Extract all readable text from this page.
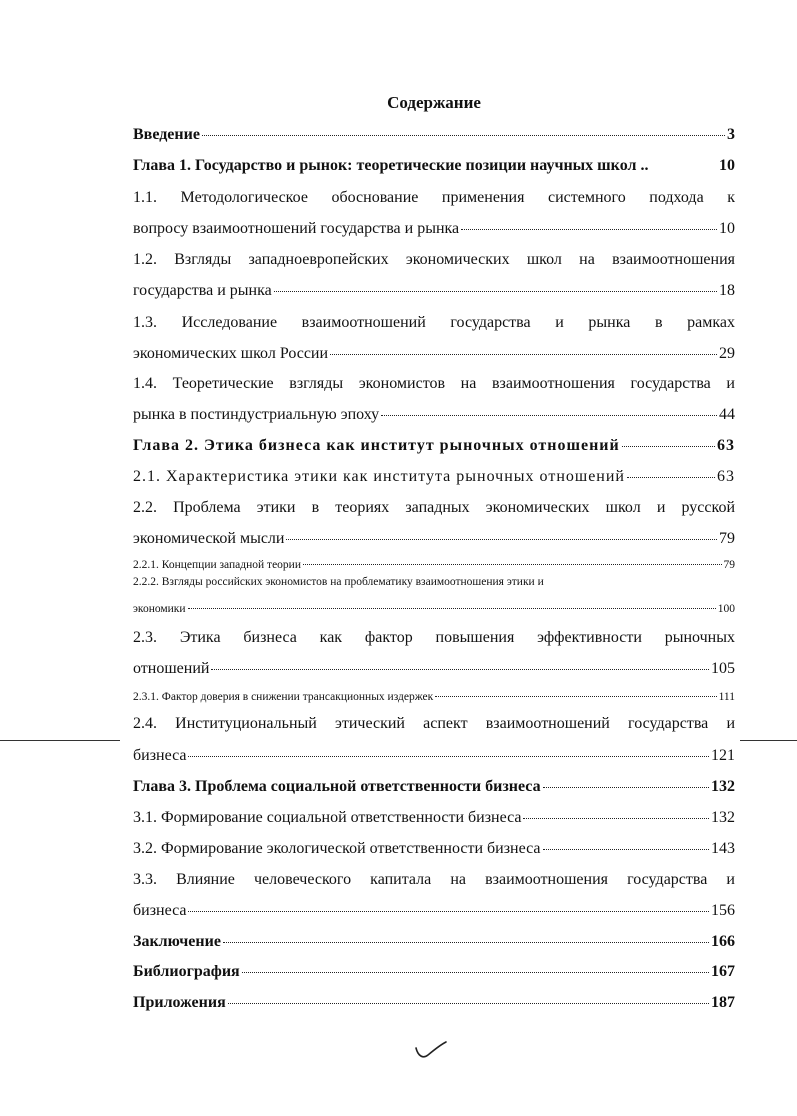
Содержание
Введение	3
Глава 1. Государство и рынок: теоретические позиции научных школ ..	10
1.1. Методологическое обоснование применения системного подхода к
вопросу взаимоотношений государства и рынка	10
1.2. Взгляды западноевропейских экономических школ на взаимоотношения
государства и рынка	18
1.3. Исследование взаимоотношений государства и рынка в рамках
экономических школ России	29
1.4. Теоретические взгляды экономистов на взаимоотношения государства и
рынка в постиндустриальную эпоху	44
Глава 2. Этика бизнеса как институт рыночных отношений	63
2.1. Характеристика этики как института рыночных отношений	63
2.2. Проблема этики в теориях западных экономических школ и русской
экономической мысли	79
2.2.1. Концепции западной теории	79
2.2.2. Взгляды российских экономистов на проблематику взаимоотношения этики и
экономики	100
2.3. Этика бизнеса как фактор повышения эффективности рыночных
отношений	105
2.3.1. Фактор доверия в снижении трансакционных издержек	111
2.4. Институциональный этический аспект взаимоотношений государства и
бизнеса	121
Глава 3. Проблема социальной ответственности бизнеса	132
3.1. Формирование социальной ответственности бизнеса	132
3.2. Формирование экологической ответственности бизнеса	143
3.3. Влияние человеческого капитала на взаимоотношения государства и
бизнеса	156
Заключение	166
Библиография	167
Приложения	187
